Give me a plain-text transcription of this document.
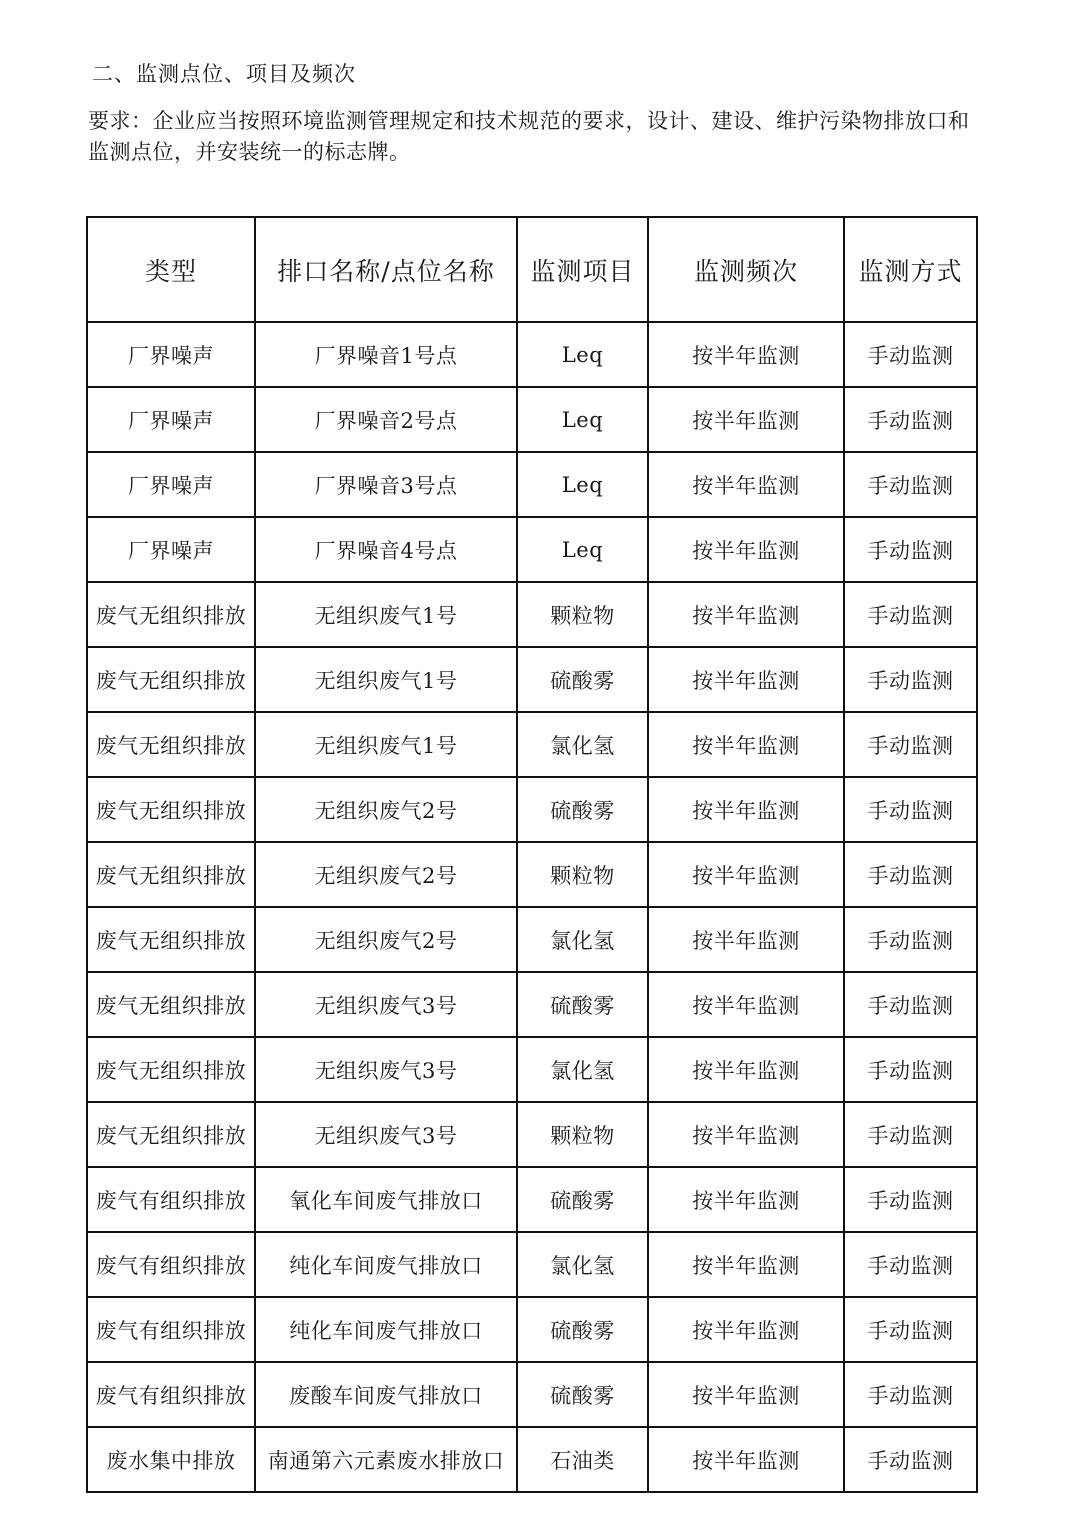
二、监测点位、项目及频次
要求：企业应当按照环境监测管理规定和技术规范的要求，设计、建设、维护污染物排放口和监测点位，并安装统一的标志牌。
类型	排口名称/点位名称	监测项目	监测频次	监测方式
厂界噪声	厂界噪音1号点	Leq	按半年监测	手动监测
厂界噪声	厂界噪音2号点	Leq	按半年监测	手动监测
厂界噪声	厂界噪音3号点	Leq	按半年监测	手动监测
厂界噪声	厂界噪音4号点	Leq	按半年监测	手动监测
废气无组织排放	无组织废气1号	颗粒物	按半年监测	手动监测
废气无组织排放	无组织废气1号	硫酸雾	按半年监测	手动监测
废气无组织排放	无组织废气1号	氯化氢	按半年监测	手动监测
废气无组织排放	无组织废气2号	硫酸雾	按半年监测	手动监测
废气无组织排放	无组织废气2号	颗粒物	按半年监测	手动监测
废气无组织排放	无组织废气2号	氯化氢	按半年监测	手动监测
废气无组织排放	无组织废气3号	硫酸雾	按半年监测	手动监测
废气无组织排放	无组织废气3号	氯化氢	按半年监测	手动监测
废气无组织排放	无组织废气3号	颗粒物	按半年监测	手动监测
废气有组织排放	氧化车间废气排放口	硫酸雾	按半年监测	手动监测
废气有组织排放	纯化车间废气排放口	氯化氢	按半年监测	手动监测
废气有组织排放	纯化车间废气排放口	硫酸雾	按半年监测	手动监测
废气有组织排放	废酸车间废气排放口	硫酸雾	按半年监测	手动监测
废水集中排放	南通第六元素废水排放口	石油类	按半年监测	手动监测
